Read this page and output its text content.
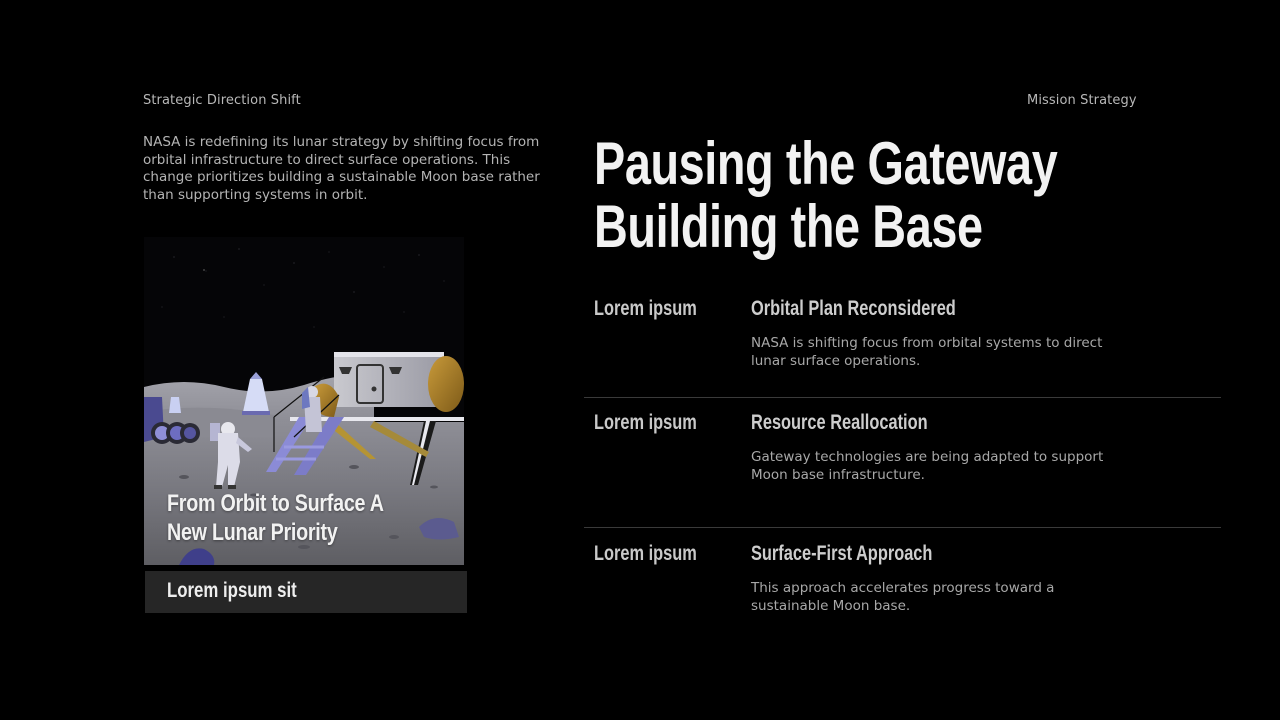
Strategic Direction Shift	Mission Strategy

NASA is redefining its lunar strategy by shifting focus from orbital infrastructure to direct surface operations. This change prioritizes building a sustainable Moon base rather than supporting systems in orbit.

From Orbit to Surface A New Lunar Priority
Lorem ipsum sit
Pausing the Gateway
Building the Base
Lorem ipsum	Orbital Plan Reconsidered

NASA is shifting focus from orbital systems to direct lunar surface operations.

Lorem ipsum	Resource Reallocation

Gateway technologies are being adapted to support Moon base infrastructure.

Lorem ipsum	Surface-First Approach

This approach accelerates progress toward a sustainable Moon base.
